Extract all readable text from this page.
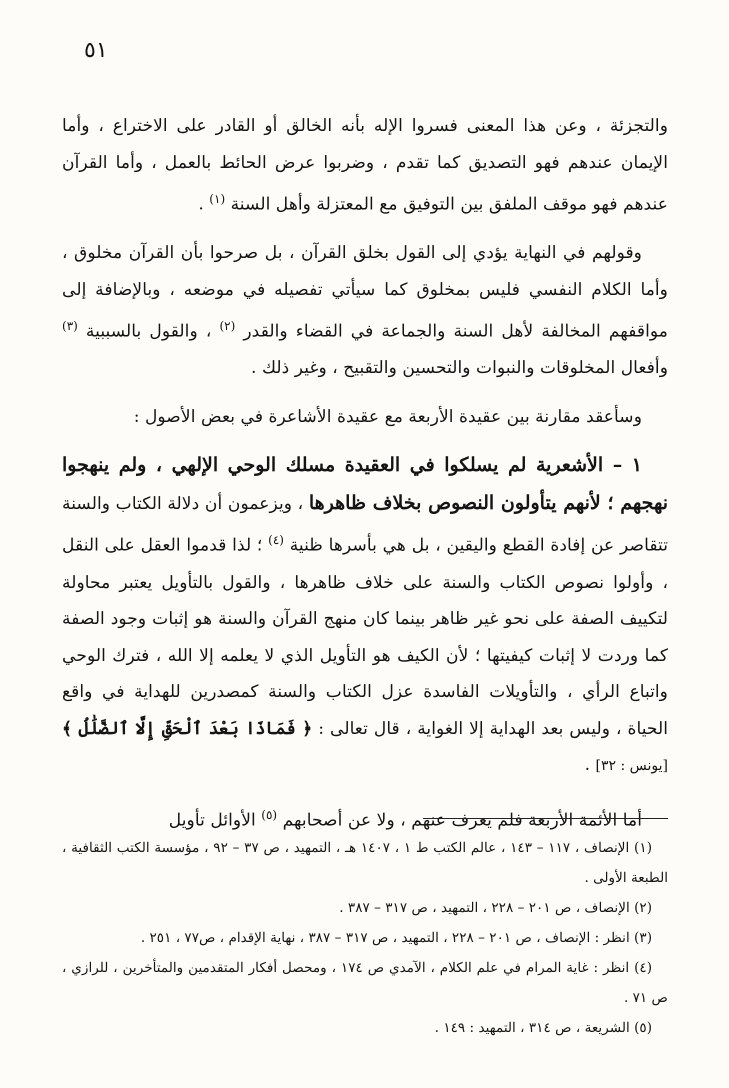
٥١

والتجزئة ، وعن هذا المعنى فسروا الإله بأنه الخالق أو القادر على الاختراع ، وأما الإيمان عندهم فهو التصديق كما تقدم ، وضربوا عرض الحائط بالعمل ، وأما القرآن عندهم فهو موقف الملفق بين التوفيق مع المعتزلة وأهل السنة $^{(١)}$ .

وقولهم في النهاية يؤدي إلى القول بخلق القرآن ، بل صرحوا بأن القرآن مخلوق ، وأما الكلام النفسي فليس بمخلوق كما سيأتي تفصيله في موضعه ، وبالإضافة إلى مواقفهم المخالفة لأهل السنة والجماعة في القضاء والقدر $^{(٢)}$ ، والقول بالسببية $^{(٣)}$ وأفعال المخلوقات والنبوات والتحسين والتقبيح ، وغير ذلك .

وسأعقد مقارنة بين عقيدة الأربعة مع عقيدة الأشاعرة في بعض الأصول :

١ – الأشعرية لم يسلكوا في العقيدة مسلك الوحي الإلهي ، ولم ينهجوا نهجهم ؛ لأنهم يتأولون النصوص بخلاف ظاهرها ، ويزعمون أن دلالة الكتاب والسنة تتقاصر عن إفادة القطع واليقين ، بل هي بأسرها ظنية $^{(٤)}$ ؛ لذا قدموا العقل على النقل ، وأولوا نصوص الكتاب والسنة على خلاف ظاهرها ، والقول بالتأويل يعتبر محاولة لتكييف الصفة على نحو غير ظاهر بينما كان منهج القرآن والسنة هو إثبات وجود الصفة كما وردت لا إثبات كيفيتها ؛ لأن الكيف هو التأويل الذي لا يعلمه إلا الله ، فترك الوحي واتباع الرأي ، والتأويلات الفاسدة عزل الكتاب والسنة كمصدرين للهداية في واقع الحياة ، وليس بعد الهداية إلا الغواية ، قال تعالى : ﴿ فَمَاذَا بَعْدَ ٱلْحَقِّ إِلَّا ٱلضَّلَٰلُ ﴾ [يونس : ٣٢] .

أما الأئمة الأربعة فلم يعرف عنهم ، ولا عن أصحابهم $^{(٥)}$ الأوائل تأويل

(١) الإنصاف ، ١١٧ – ١٤٣ ، عالم الكتب ط ١ ، ١٤٠٧ هـ ، التمهيد ، ص ٣٧ – ٩٢ ، مؤسسة الكتب الثقافية ، الطبعة الأولى .

(٢) الإنصاف ، ص ٢٠١ – ٢٢٨ ، التمهيد ، ص ٣١٧ – ٣٨٧ .

(٣) انظر : الإنصاف ، ص ٢٠١ – ٢٢٨ ، التمهيد ، ص ٣١٧ – ٣٨٧ ، نهاية الإقدام ، ص٧٧ ، ٢٥١ .

(٤) انظر : غاية المرام في علم الكلام ، الآمدي ص ١٧٤ ، ومحصل أفكار المتقدمين والمتأخرين ، للرازي ، ص ٧١ .

(٥) الشريعة ، ص ٣١٤ ، التمهيد : ١٤٩ .
